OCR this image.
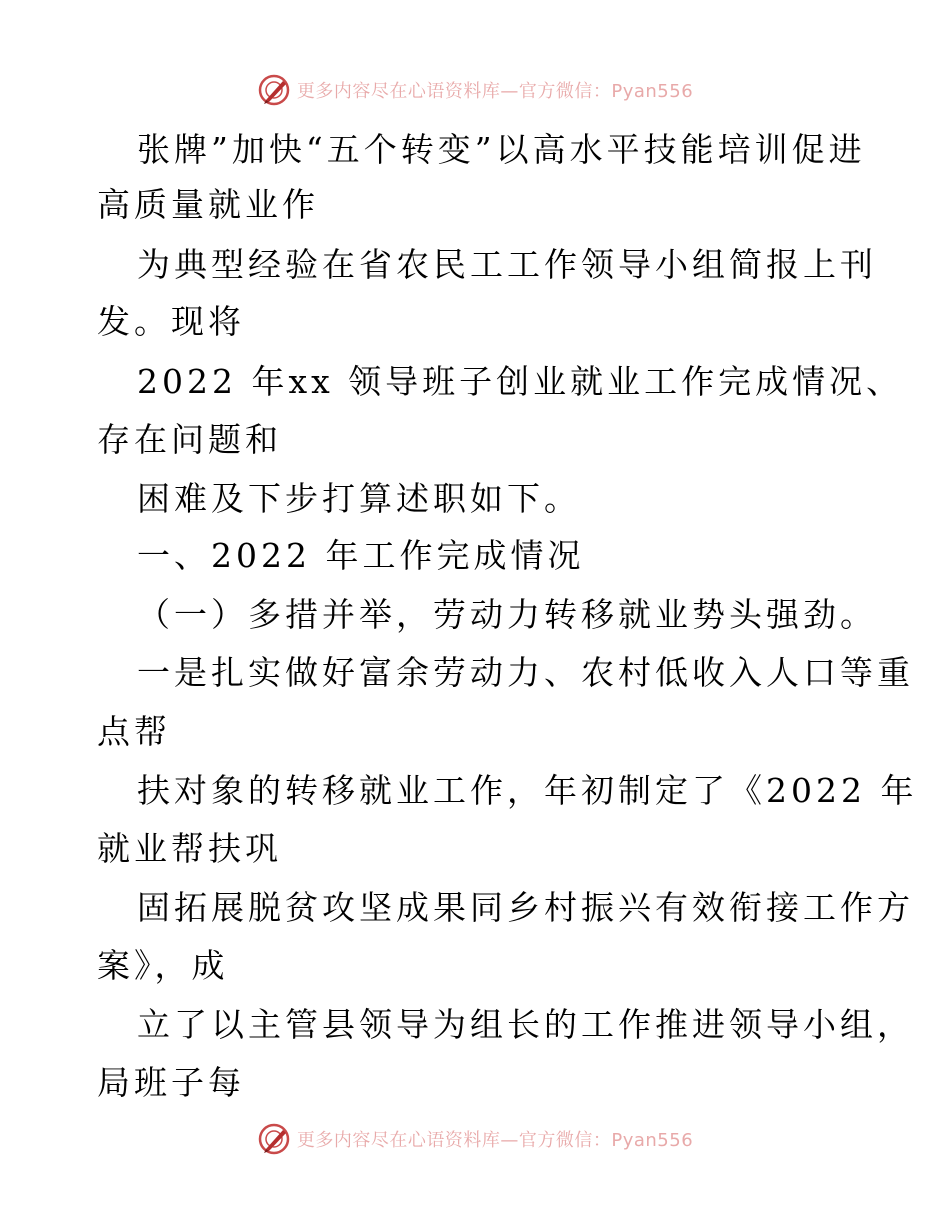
更多内容尽在心语资料库—官方微信：Pyan556
张牌”加快“五个转变”以高水平技能培训促进
高质量就业作
为典型经验在省农民工工作领导小组简报上刊
发。现将
2022 年xx 领导班子创业就业工作完成情况、
存在问题和
困难及下步打算述职如下。
一、2022 年工作完成情况
（一）多措并举，劳动力转移就业势头强劲。
一是扎实做好富余劳动力、农村低收入人口等重
点帮
扶对象的转移就业工作，年初制定了《2022 年
就业帮扶巩
固拓展脱贫攻坚成果同乡村振兴有效衔接工作方
案》，成
立了以主管县领导为组长的工作推进领导小组，
局班子每
更多内容尽在心语资料库—官方微信：Pyan556
